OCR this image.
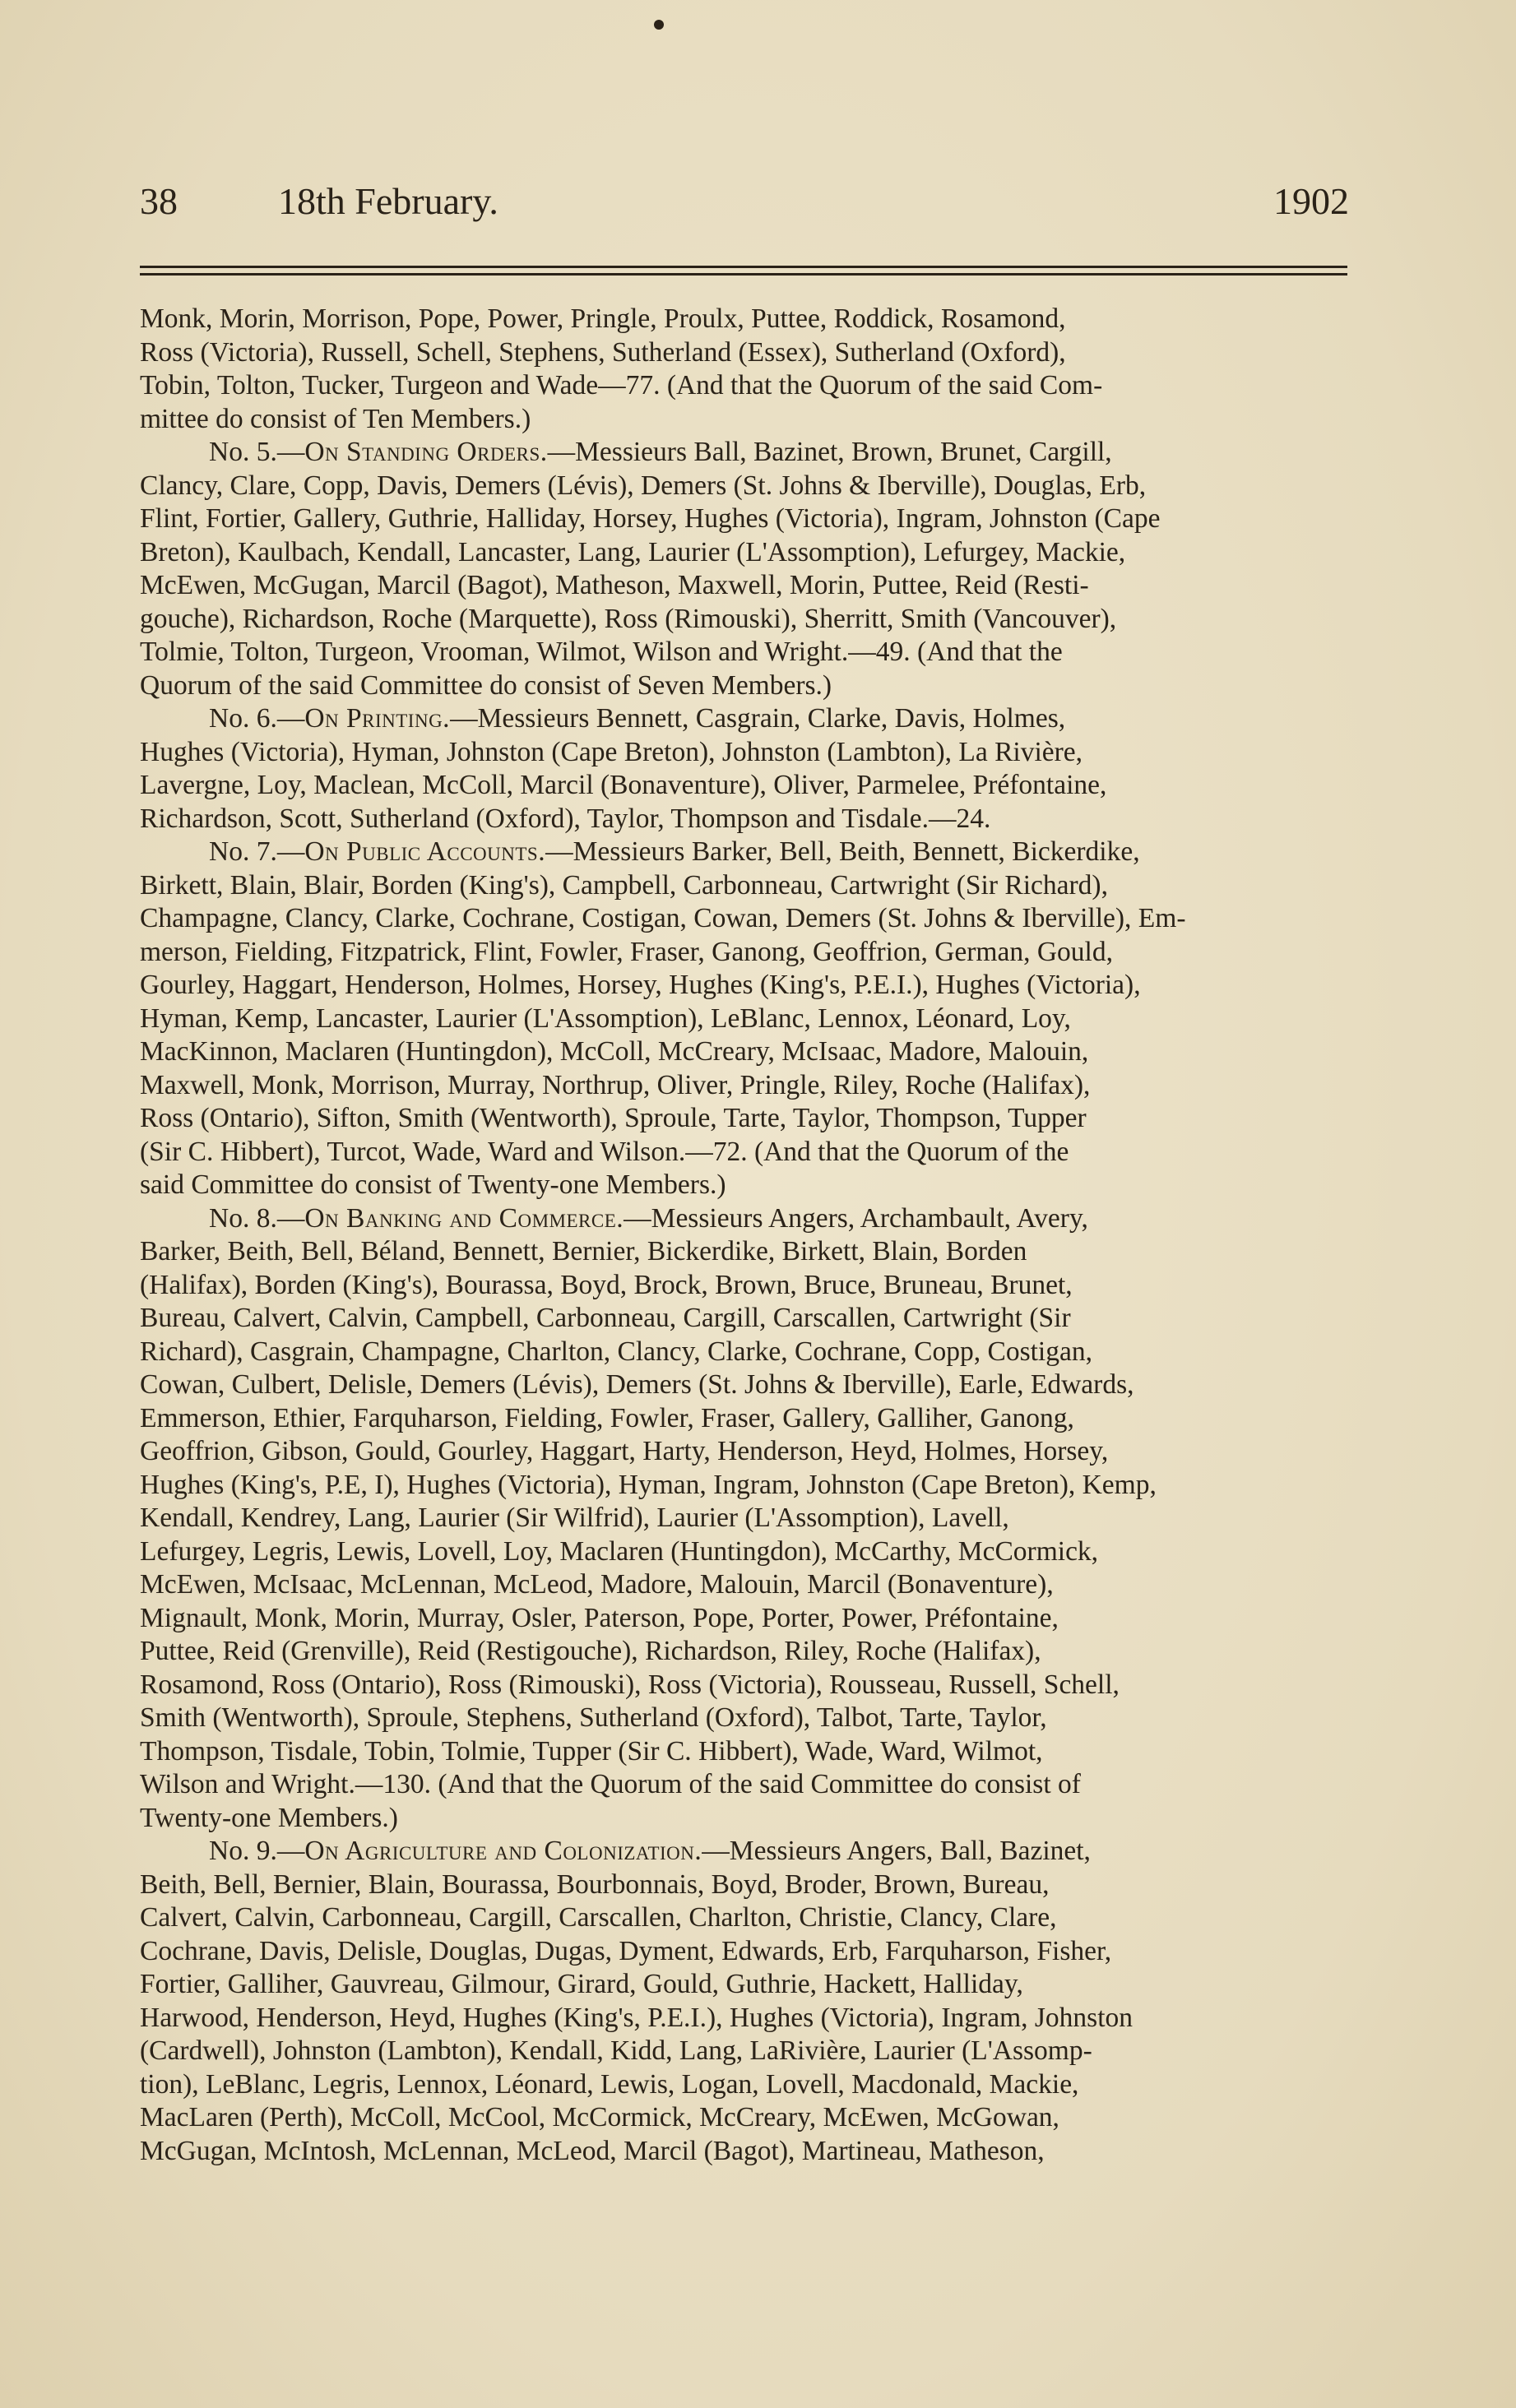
38	18th February.	1902
Monk, Morin, Morrison, Pope, Power, Pringle, Proulx, Puttee, Roddick, Rosamond,
Ross (Victoria), Russell, Schell, Stephens, Sutherland (Essex), Sutherland (Oxford),
Tobin, Tolton, Tucker, Turgeon and Wade—77. (And that the Quorum of the said Com-
mittee do consist of Ten Members.)
No. 5.—On Standing Orders.—Messieurs Ball, Bazinet, Brown, Brunet, Cargill,
Clancy, Clare, Copp, Davis, Demers (Lévis), Demers (St. Johns & Iberville), Douglas, Erb,
Flint, Fortier, Gallery, Guthrie, Halliday, Horsey, Hughes (Victoria), Ingram, Johnston (Cape
Breton), Kaulbach, Kendall, Lancaster, Lang, Laurier (L'Assomption), Lefurgey, Mackie,
McEwen, McGugan, Marcil (Bagot), Matheson, Maxwell, Morin, Puttee, Reid (Resti-
gouche), Richardson, Roche (Marquette), Ross (Rimouski), Sherritt, Smith (Vancouver),
Tolmie, Tolton, Turgeon, Vrooman, Wilmot, Wilson and Wright.—49. (And that the
Quorum of the said Committee do consist of Seven Members.)
No. 6.—On Printing.—Messieurs Bennett, Casgrain, Clarke, Davis, Holmes,
Hughes (Victoria), Hyman, Johnston (Cape Breton), Johnston (Lambton), La Rivière,
Lavergne, Loy, Maclean, McColl, Marcil (Bonaventure), Oliver, Parmelee, Préfontaine,
Richardson, Scott, Sutherland (Oxford), Taylor, Thompson and Tisdale.—24.
No. 7.—On Public Accounts.—Messieurs Barker, Bell, Beith, Bennett, Bickerdike,
Birkett, Blain, Blair, Borden (King's), Campbell, Carbonneau, Cartwright (Sir Richard),
Champagne, Clancy, Clarke, Cochrane, Costigan, Cowan, Demers (St. Johns & Iberville), Em-
merson, Fielding, Fitzpatrick, Flint, Fowler, Fraser, Ganong, Geoffrion, German, Gould,
Gourley, Haggart, Henderson, Holmes, Horsey, Hughes (King's, P.E.I.), Hughes (Victoria),
Hyman, Kemp, Lancaster, Laurier (L'Assomption), LeBlanc, Lennox, Léonard, Loy,
MacKinnon, Maclaren (Huntingdon), McColl, McCreary, McIsaac, Madore, Malouin,
Maxwell, Monk, Morrison, Murray, Northrup, Oliver, Pringle, Riley, Roche (Halifax),
Ross (Ontario), Sifton, Smith (Wentworth), Sproule, Tarte, Taylor, Thompson, Tupper
(Sir C. Hibbert), Turcot, Wade, Ward and Wilson.—72. (And that the Quorum of the
said Committee do consist of Twenty-one Members.)
No. 8.—On Banking and Commerce.—Messieurs Angers, Archambault, Avery,
Barker, Beith, Bell, Béland, Bennett, Bernier, Bickerdike, Birkett, Blain, Borden
(Halifax), Borden (King's), Bourassa, Boyd, Brock, Brown, Bruce, Bruneau, Brunet,
Bureau, Calvert, Calvin, Campbell, Carbonneau, Cargill, Carscallen, Cartwright (Sir
Richard), Casgrain, Champagne, Charlton, Clancy, Clarke, Cochrane, Copp, Costigan,
Cowan, Culbert, Delisle, Demers (Lévis), Demers (St. Johns & Iberville), Earle, Edwards,
Emmerson, Ethier, Farquharson, Fielding, Fowler, Fraser, Gallery, Galliher, Ganong,
Geoffrion, Gibson, Gould, Gourley, Haggart, Harty, Henderson, Heyd, Holmes, Horsey,
Hughes (King's, P.E, I), Hughes (Victoria), Hyman, Ingram, Johnston (Cape Breton), Kemp,
Kendall, Kendrey, Lang, Laurier (Sir Wilfrid), Laurier (L'Assomption), Lavell,
Lefurgey, Legris, Lewis, Lovell, Loy, Maclaren (Huntingdon), McCarthy, McCormick,
McEwen, McIsaac, McLennan, McLeod, Madore, Malouin, Marcil (Bonaventure),
Mignault, Monk, Morin, Murray, Osler, Paterson, Pope, Porter, Power, Préfontaine,
Puttee, Reid (Grenville), Reid (Restigouche), Richardson, Riley, Roche (Halifax),
Rosamond, Ross (Ontario), Ross (Rimouski), Ross (Victoria), Rousseau, Russell, Schell,
Smith (Wentworth), Sproule, Stephens, Sutherland (Oxford), Talbot, Tarte, Taylor,
Thompson, Tisdale, Tobin, Tolmie, Tupper (Sir C. Hibbert), Wade, Ward, Wilmot,
Wilson and Wright.—130. (And that the Quorum of the said Committee do consist of
Twenty-one Members.)
No. 9.—On Agriculture and Colonization.—Messieurs Angers, Ball, Bazinet,
Beith, Bell, Bernier, Blain, Bourassa, Bourbonnais, Boyd, Broder, Brown, Bureau,
Calvert, Calvin, Carbonneau, Cargill, Carscallen, Charlton, Christie, Clancy, Clare,
Cochrane, Davis, Delisle, Douglas, Dugas, Dyment, Edwards, Erb, Farquharson, Fisher,
Fortier, Galliher, Gauvreau, Gilmour, Girard, Gould, Guthrie, Hackett, Halliday,
Harwood, Henderson, Heyd, Hughes (King's, P.E.I.), Hughes (Victoria), Ingram, Johnston
(Cardwell), Johnston (Lambton), Kendall, Kidd, Lang, LaRivière, Laurier (L'Assomp-
tion), LeBlanc, Legris, Lennox, Léonard, Lewis, Logan, Lovell, Macdonald, Mackie,
MacLaren (Perth), McColl, McCool, McCormick, McCreary, McEwen, McGowan,
McGugan, McIntosh, McLennan, McLeod, Marcil (Bagot), Martineau, Matheson,
